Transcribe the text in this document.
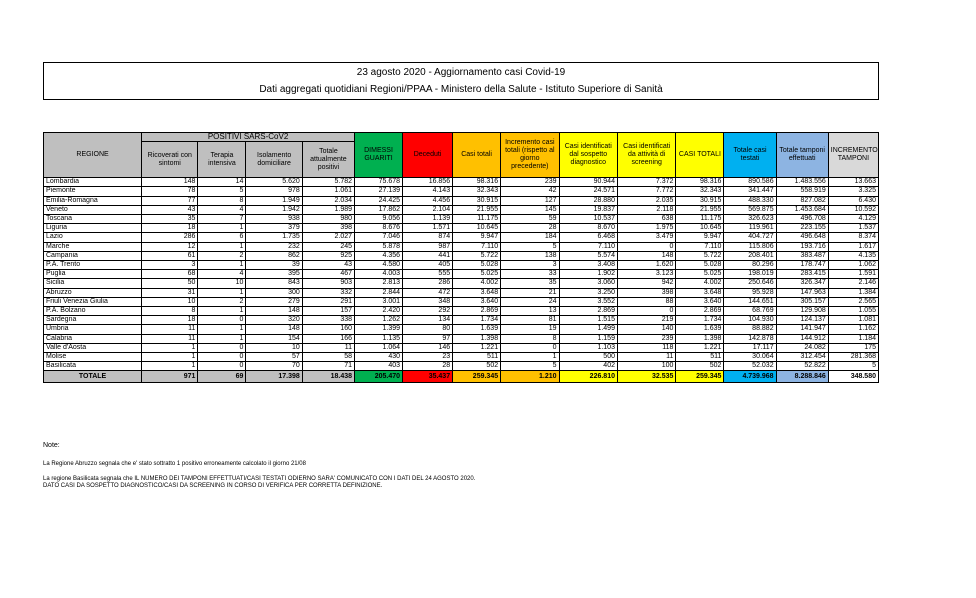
23 agosto 2020 - Aggiornamento casi Covid-19
Dati aggregati quotidiani Regioni/PPAA - Ministero della Salute - Istituto Superiore di Sanità
REGIONE	POSITIVI SARS-CoV2				DIMESSI GUARITI	Deceduti	Casi totali	Incremento casi totali (rispetto al giorno precedente)	Casi identificati dal sospetto diagnostico	Casi identificati da attività di screening	CASI TOTALI	Totale casi testati	Totale tamponi effettuati	INCREMENTO TAMPONI
	Ricoverati con sintomi	Terapia intensiva	Isolamento domiciliare	Totale attualmente positivi										
Lombardia	148	14	5.620	5.782	75.678	16.856	98.316	239	90.944	7.372	98.316	890.586	1.483.556	13.663
Piemonte	78	5	978	1.061	27.139	4.143	32.343	42	24.571	7.772	32.343	341.447	558.919	3.325
Emilia-Romagna	77	8	1.949	2.034	24.425	4.456	30.915	127	28.880	2.035	30.915	488.330	827.082	6.430
Veneto	43	4	1.942	1.989	17.862	2.104	21.955	145	19.837	2.118	21.955	569.875	1.453.684	10.592
Toscana	35	7	938	980	9.056	1.139	11.175	59	10.537	638	11.175	326.623	496.708	4.129
Liguria	18	1	379	398	8.676	1.571	10.645	28	8.670	1.975	10.645	119.961	223.155	1.537
Lazio	286	6	1.735	2.027	7.046	874	9.947	184	6.468	3.479	9.947	404.727	496.648	8.374
Marche	12	1	232	245	5.878	987	7.110	5	7.110	0	7.110	115.806	193.716	1.617
Campania	61	2	862	925	4.356	441	5.722	138	5.574	148	5.722	208.401	383.487	4.135
P.A. Trento	3	1	39	43	4.580	405	5.028	3	3.408	1.620	5.028	80.296	178.747	1.062
Puglia	68	4	395	467	4.003	555	5.025	33	1.902	3.123	5.025	198.019	283.415	1.591
Sicilia	50	10	843	903	2.813	286	4.002	35	3.060	942	4.002	250.646	326.347	2.146
Abruzzo	31	1	300	332	2.844	472	3.648	21	3.250	398	3.648	95.928	147.963	1.384
Friuli Venezia Giulia	10	2	279	291	3.001	348	3.640	24	3.552	88	3.640	144.651	305.157	2.565
P.A. Bolzano	8	1	148	157	2.420	292	2.869	13	2.869	0	2.869	68.769	129.908	1.055
Sardegna	18	0	320	338	1.262	134	1.734	81	1.515	219	1.734	104.930	124.137	1.081
Umbria	11	1	148	160	1.399	80	1.639	19	1.499	140	1.639	88.882	141.947	1.162
Calabria	11	1	154	166	1.135	97	1.398	8	1.159	239	1.398	142.878	144.912	1.184
Valle d'Aosta	1	0	10	11	1.064	146	1.221	0	1.103	118	1.221	17.117	24.082	175
Molise	1	0	57	58	430	23	511	1	500	11	511	30.064	312.454	281.368
Basilicata	1	0	70	71	403	28	502	5	402	100	502	52.032	52.822	5
TOTALE	971	69	17.398	18.438	205.470	35.437	259.345	1.210	226.810	32.535	259.345	4.739.968	8.288.846	348.580
Note:

La Regione Abruzzo segnala che e' stato sottratto 1 positivo erroneamente calcolato il giorno 21/08

La regione Basilicata segnala che IL NUMERO DEI TAMPONI EFFETTUATI/CASI TESTATI ODIERNO SARA' COMUNICATO CON I DATI DEL 24 AGOSTO 2020.
DATO CASI DA SOSPETTO DIAGNOSTICO/CASI DA SCREENING IN CORSO DI VERIFICA PER CORRETTA DEFINIZIONE.
